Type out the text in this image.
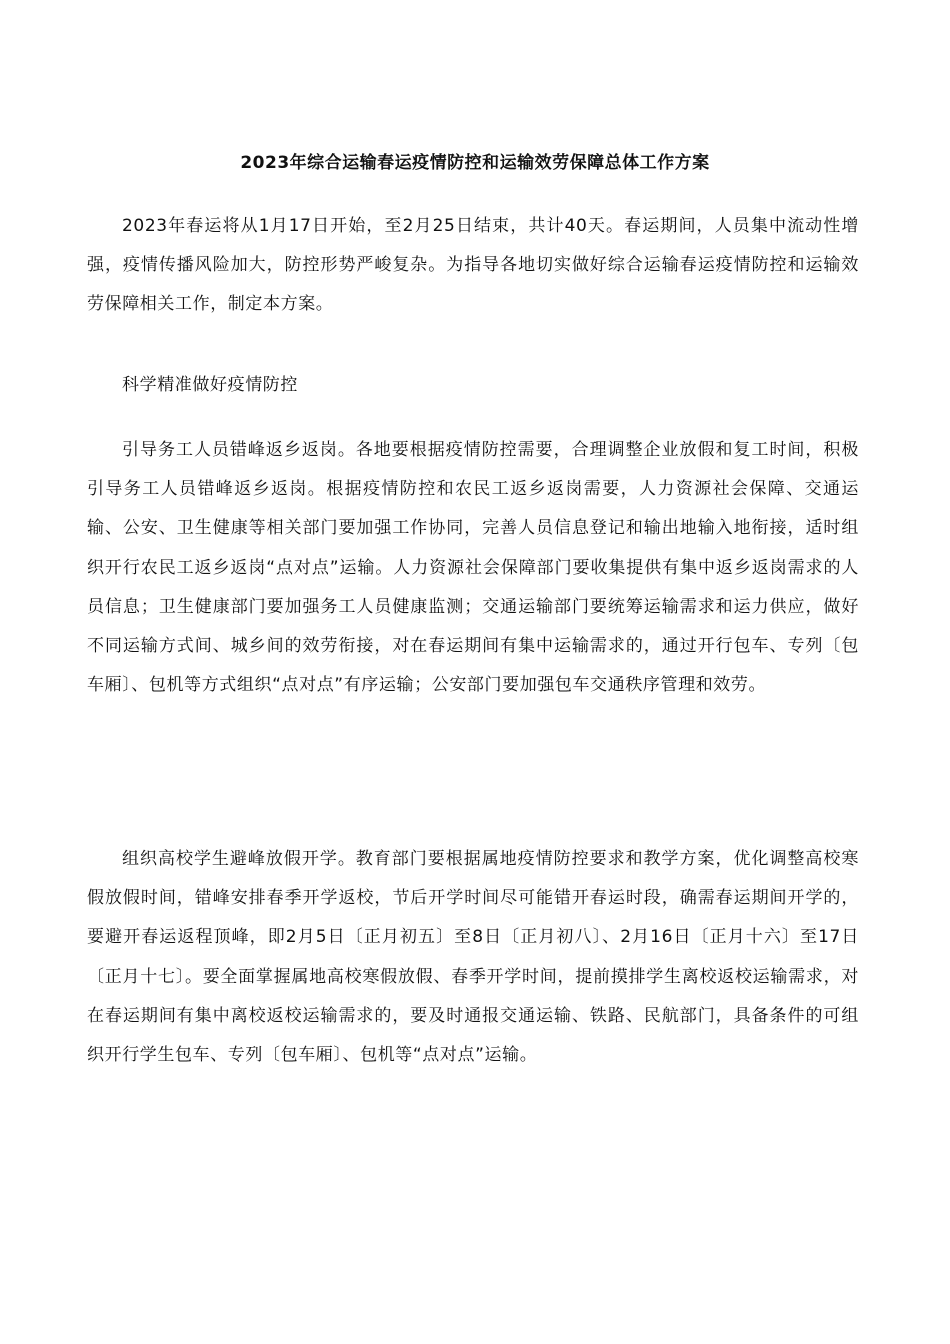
2023年综合运输春运疫情防控和运输效劳保障总体工作方案

2023年春运将从1月17日开始，至2月25日结束，共计40天。春运期间，人员集中流动性增强，疫情传播风险加大，防控形势严峻复杂。为指导各地切实做好综合运输春运疫情防控和运输效劳保障相关工作，制定本方案。

科学精准做好疫情防控

引导务工人员错峰返乡返岗。各地要根据疫情防控需要，合理调整企业放假和复工时间，积极引导务工人员错峰返乡返岗。根据疫情防控和农民工返乡返岗需要，人力资源社会保障、交通运输、公安、卫生健康等相关部门要加强工作协同，完善人员信息登记和输出地输入地衔接，适时组织开行农民工返乡返岗“点对点”运输。人力资源社会保障部门要收集提供有集中返乡返岗需求的人员信息；卫生健康部门要加强务工人员健康监测；交通运输部门要统筹运输需求和运力供应，做好不同运输方式间、城乡间的效劳衔接，对在春运期间有集中运输需求的，通过开行包车、专列〔包车厢〕、包机等方式组织“点对点”有序运输；公安部门要加强包车交通秩序管理和效劳。

组织高校学生避峰放假开学。教育部门要根据属地疫情防控要求和教学方案，优化调整高校寒假放假时间，错峰安排春季开学返校，节后开学时间尽可能错开春运时段，确需春运期间开学的，要避开春运返程顶峰，即2月5日〔正月初五〕至8日〔正月初八〕、2月16日〔正月十六〕至17日〔正月十七〕。要全面掌握属地高校寒假放假、春季开学时间，提前摸排学生离校返校运输需求，对在春运期间有集中离校返校运输需求的，要及时通报交通运输、铁路、民航部门，具备条件的可组织开行学生包车、专列〔包车厢〕、包机等“点对点”运输。
